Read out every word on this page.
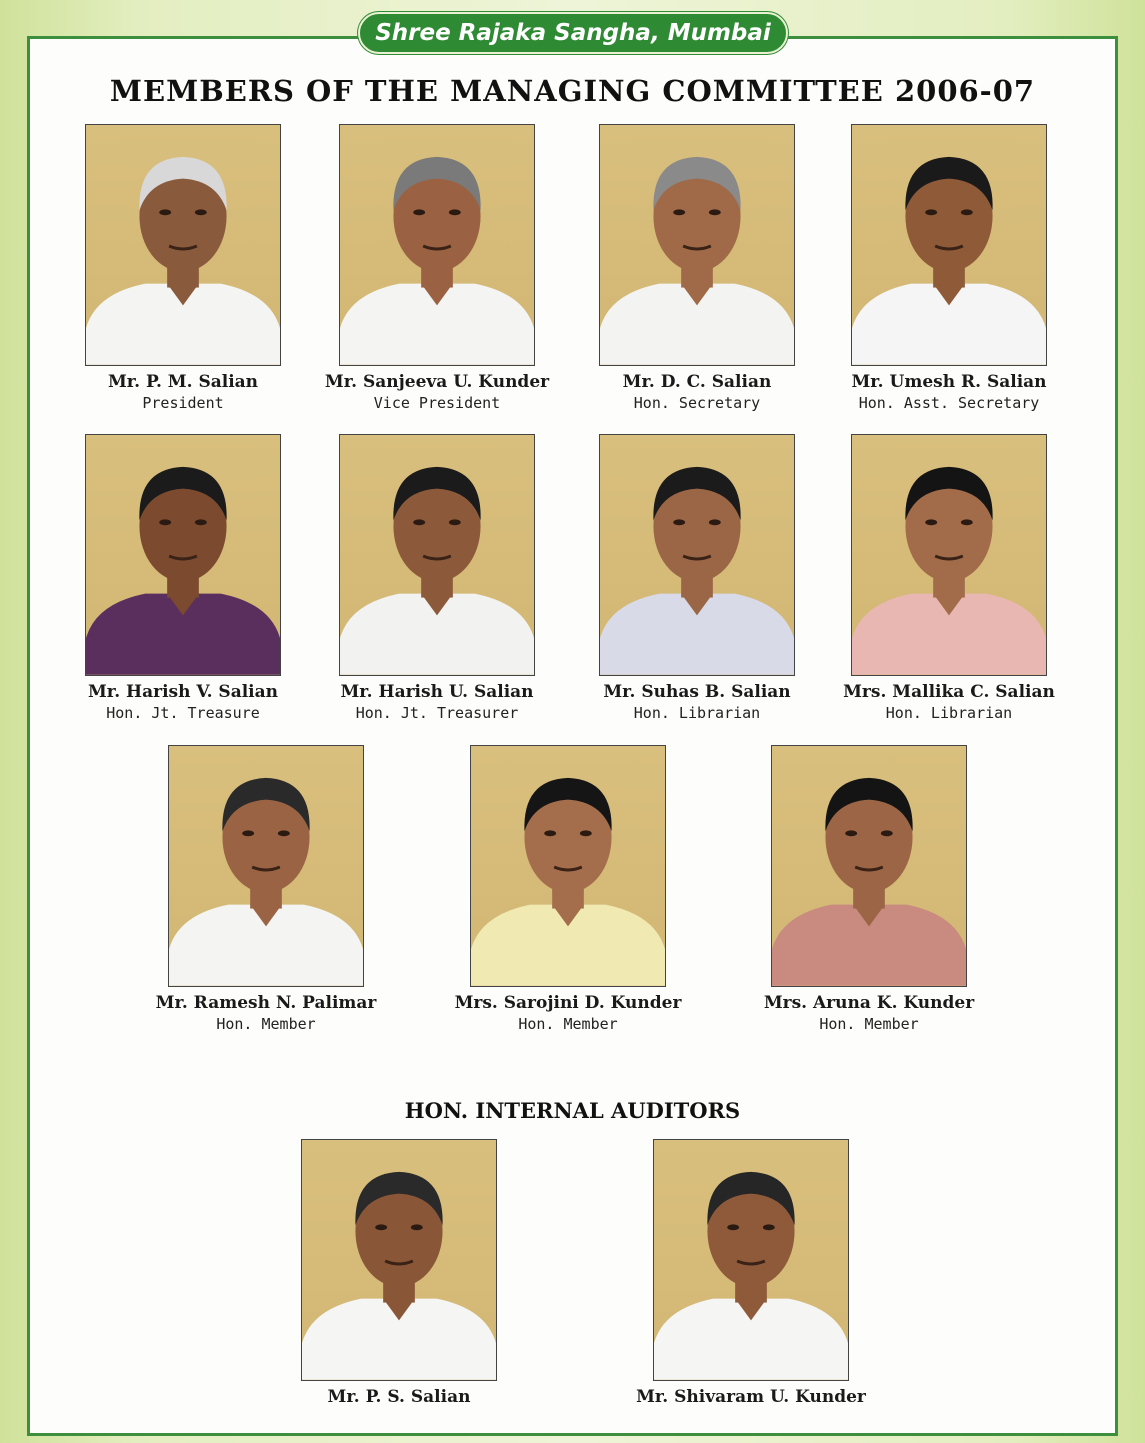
Shree Rajaka Sangha, Mumbai
MEMBERS OF THE MANAGING COMMITTEE 2006-07
Mr. P. M. Salian
President
Mr. Sanjeeva U. Kunder
Vice President
Mr. D. C. Salian
Hon. Secretary
Mr. Umesh R. Salian
Hon. Asst. Secretary
Mr. Harish V. Salian
Hon. Jt. Treasure
Mr. Harish U. Salian
Hon. Jt. Treasurer
Mr. Suhas B. Salian
Hon. Librarian
Mrs. Mallika C. Salian
Hon. Librarian
Mr. Ramesh N. Palimar
Hon. Member
Mrs. Sarojini D. Kunder
Hon. Member
Mrs. Aruna K. Kunder
Hon. Member
HON. INTERNAL AUDITORS
Mr. P. S. Salian	Mr. Shivaram U. Kunder
